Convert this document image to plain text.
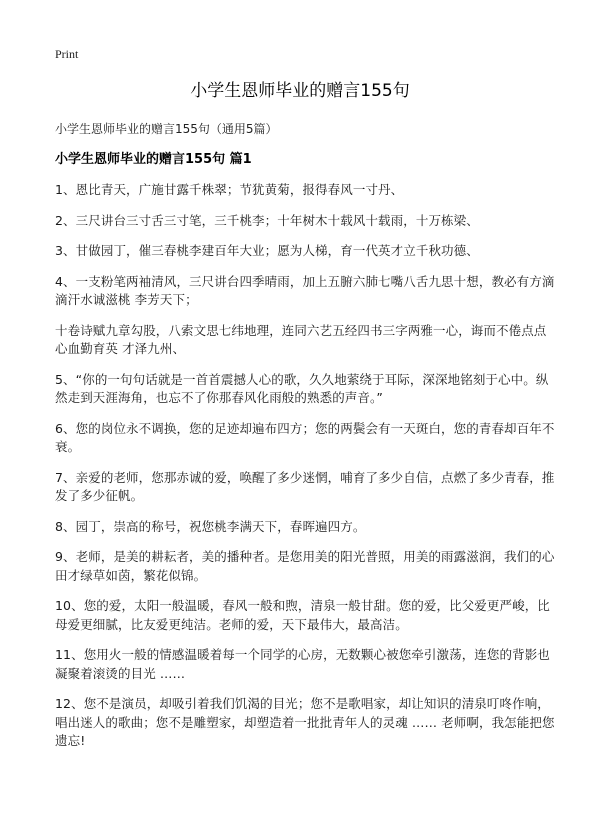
Print
小学生恩师毕业的赠言155句
小学生恩师毕业的赠言155句（通用5篇）
小学生恩师毕业的赠言155句 篇1

1、恩比青天，广施甘露千株翠；节犹黄菊，报得春风一寸丹、

2、三尺讲台三寸舌三寸笔，三千桃李；十年树木十载风十载雨，十万栋梁、

3、甘做园丁，催三春桃李建百年大业；愿为人梯，育一代英才立千秋功德、

4、一支粉笔两袖清风，三尺讲台四季晴雨，加上五腑六肺七嘴八舌九思十想，教必有方滴滴汗水诚滋桃 李芳天下；

十卷诗赋九章勾股，八索文思七纬地理，连同六艺五经四书三字两雅一心，诲而不倦点点心血勤育英 才泽九州、

5、“你的一句句话就是一首首震撼人心的歌，久久地萦绕于耳际，深深地铭刻于心中。纵然走到天涯海角，也忘不了你那春风化雨般的熟悉的声音。”

6、您的岗位永不调换，您的足迹却遍布四方；您的两鬓会有一天斑白，您的青春却百年不衰。

7、亲爱的老师，您那赤诚的爱，唤醒了多少迷惘，哺育了多少自信，点燃了多少青春，推发了多少征帆。

8、园丁，崇高的称号，祝您桃李满天下，春晖遍四方。

9、老师，是美的耕耘者，美的播种者。是您用美的阳光普照，用美的雨露滋润，我们的心田才绿草如茵，繁花似锦。

10、您的爱，太阳一般温暖，春风一般和煦，清泉一般甘甜。您的爱，比父爱更严峻，比母爱更细腻，比友爱更纯洁。老师的爱，天下最伟大，最高洁。

11、您用火一般的情感温暖着每一个同学的心房，无数颗心被您牵引激荡，连您的背影也凝聚着滚烫的目光 ……

12、您不是演员，却吸引着我们饥渴的目光；您不是歌唱家，却让知识的清泉叮咚作响，唱出迷人的歌曲；您不是雕塑家，却塑造着一批批青年人的灵魂 …… 老师啊，我怎能把您遗忘!
